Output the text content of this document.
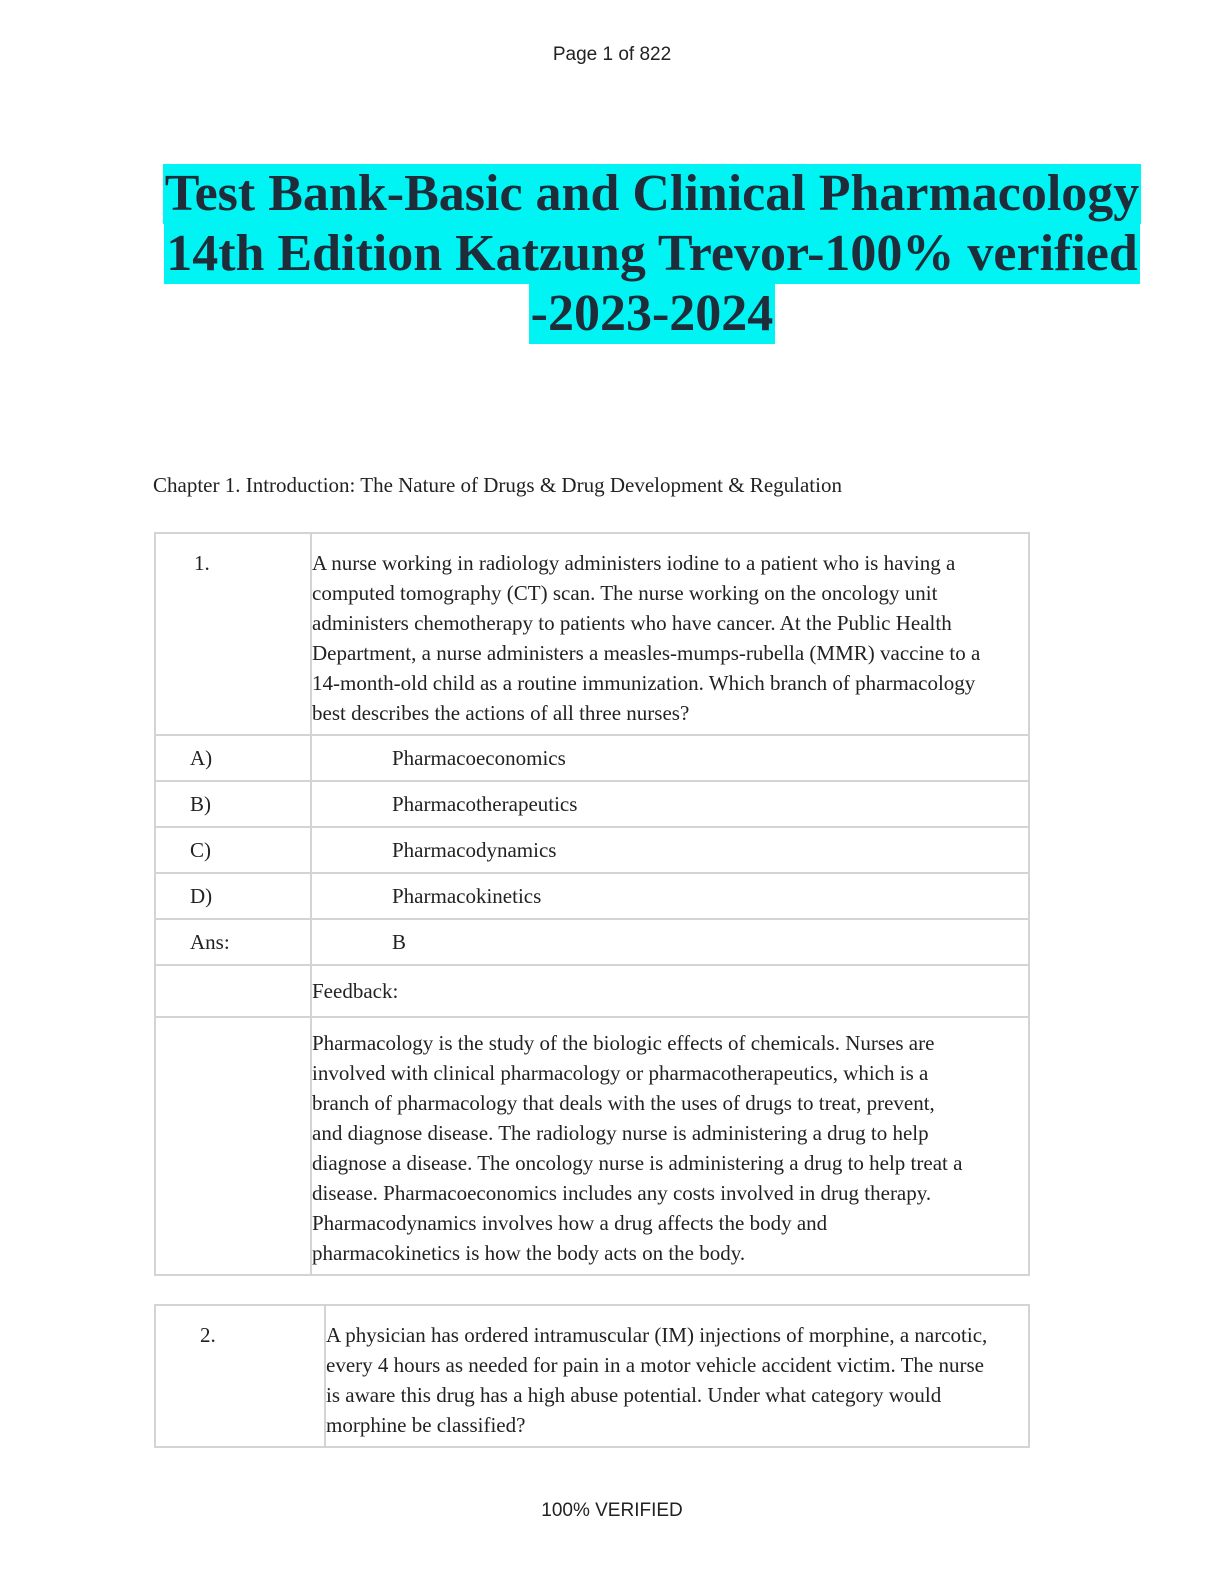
Page 1 of 822
Test Bank-Basic and Clinical Pharmacology
14th Edition Katzung Trevor-100% verified
-2023-2024
Chapter 1. Introduction: The Nature of Drugs & Drug Development & Regulation
1.	A nurse working in radiology administers iodine to a patient who is having a computed tomography (CT) scan. The nurse working on the oncology unit administers chemotherapy to patients who have cancer. At the Public Health Department, a nurse administers a measles-mumps-rubella (MMR) vaccine to a 14-month-old child as a routine immunization. Which branch of pharmacology best describes the actions of all three nurses?
A)	Pharmacoeconomics
B)	Pharmacotherapeutics
C)	Pharmacodynamics
D)	Pharmacokinetics
Ans:	B
	Feedback:
	Pharmacology is the study of the biologic effects of chemicals. Nurses are involved with clinical pharmacology or pharmacotherapeutics, which is a branch of pharmacology that deals with the uses of drugs to treat, prevent, and diagnose disease. The radiology nurse is administering a drug to help diagnose a disease. The oncology nurse is administering a drug to help treat a disease. Pharmacoeconomics includes any costs involved in drug therapy. Pharmacodynamics involves how a drug affects the body and pharmacokinetics is how the body acts on the body.
2.	A physician has ordered intramuscular (IM) injections of morphine, a narcotic, every 4 hours as needed for pain in a motor vehicle accident victim. The nurse is aware this drug has a high abuse potential. Under what category would morphine be classified?
100% VERIFIED
